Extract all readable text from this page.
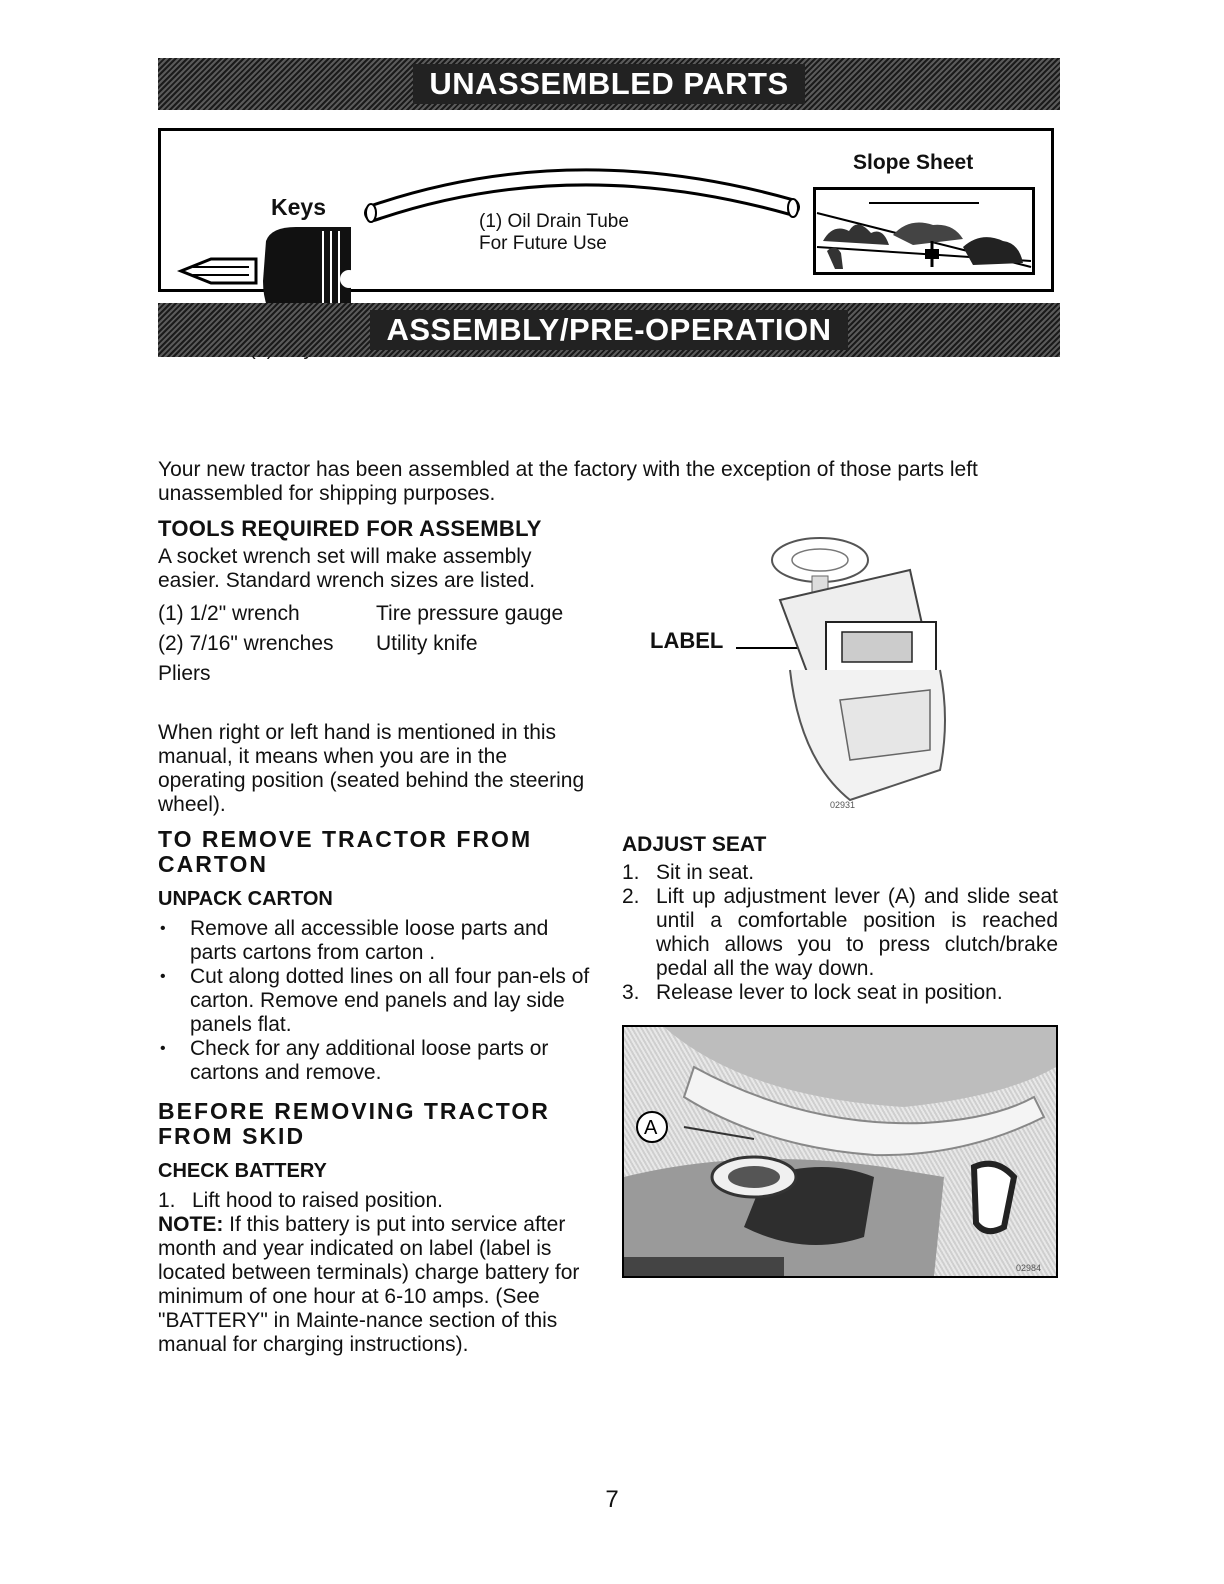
UNASSEMBLED PARTS
Keys
(1) Oil Drain Tube
For Future Use
Slope Sheet
ASSEMBLY/PRE-OPERATION

Your new tractor has been assembled at the factory with the exception of those parts left unassembled for shipping purposes.

TOOLS REQUIRED FOR ASSEMBLY

A socket wrench set will make assembly easier. Standard wrench sizes are listed.

(1) 1/2" wrench	Tire pressure gauge
(2) 7/16" wrenches	Utility knife
Pliers

When right or left hand is mentioned in this manual, it means when you are in the operating position (seated behind the steering wheel).

TO REMOVE TRACTOR FROM CARTON
UNPACK CARTON
• Remove all accessible loose parts and parts cartons from carton .
• Cut along dotted lines on all four pan-els of carton. Remove end panels and lay side panels flat.
• Check for any additional loose parts or cartons and remove.
BEFORE REMOVING TRACTOR FROM SKID
CHECK BATTERY
1. Lift hood to raised position.

NOTE: If this battery is put into service after month and year indicated on label (label is located between terminals) charge battery for minimum of one hour at 6-10 amps. (See "BATTERY" in Mainte-nance section of this manual for charging instructions).

LABEL
02931
ADJUST SEAT
1. Sit in seat.
2. Lift up adjustment lever (A) and slide seat until a comfortable position is reached which allows you to press clutch/brake pedal all the way down.
3. Release lever to lock seat in position.
A
02984
7
